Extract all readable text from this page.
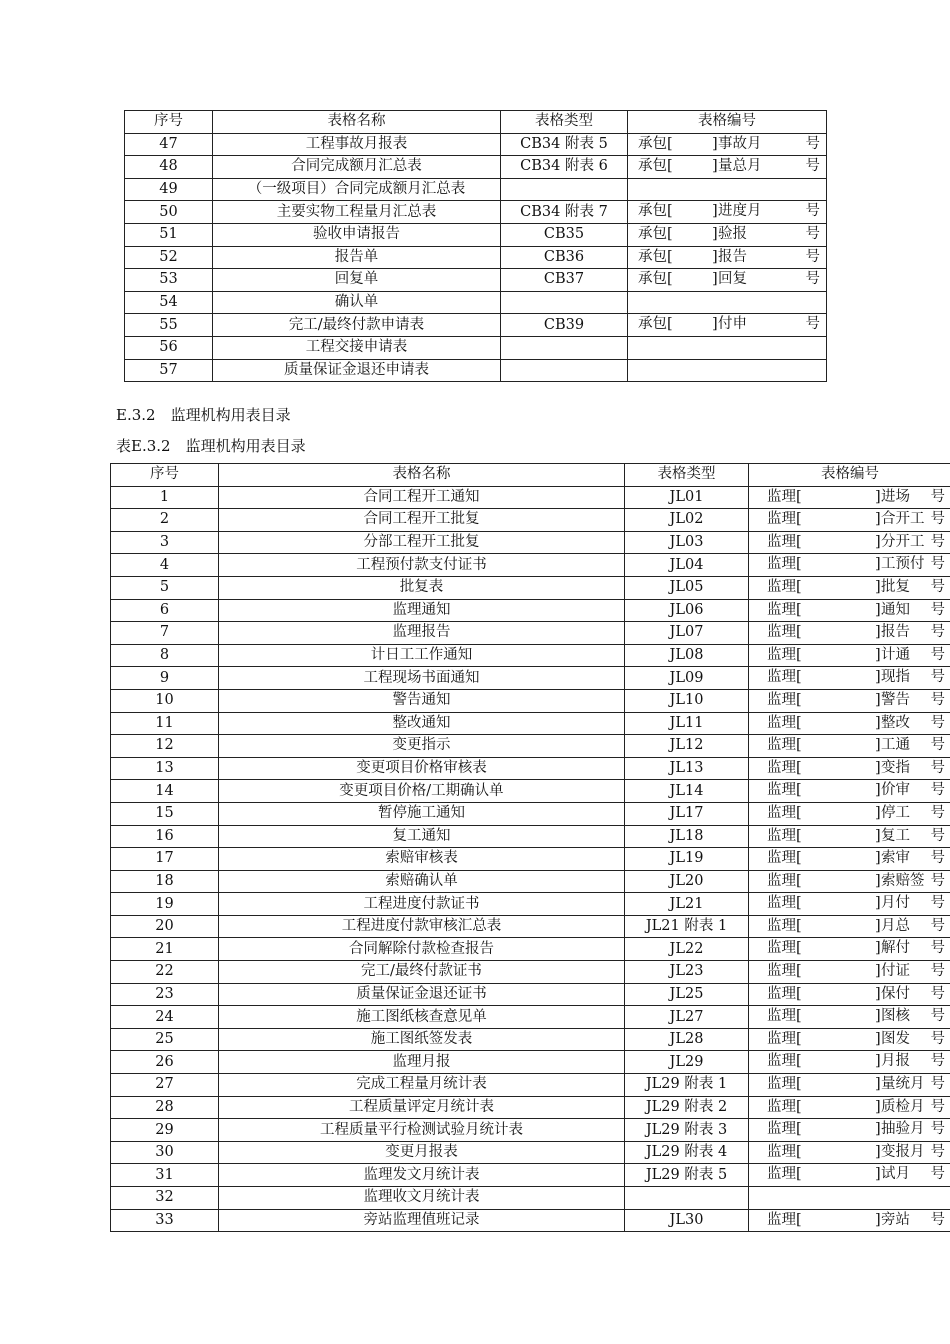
序号	表格名称	表格类型	表格编号
47	工程事故月报表	CB34 附表 5	承包[ ] 事故月 号

48	合同完成额月汇总表	CB34 附表 6	承包[ ] 量总月 号

49	（一级项目）合同完成额月汇总表		

50	主要实物工程量月汇总表	CB34 附表 7	承包[ ] 进度月 号

51	验收申请报告	CB35	承包[ ] 验报 号

52	报告单	CB36	承包[ ] 报告 号

53	回复单	CB37	承包[ ] 回复 号

54	确认单		

55	完工/最终付款申请表	CB39	承包[ ] 付申 号

56	工程交接申请表		

57	质量保证金退还申请表		
E.3.2　监理机构用表目录
表E.3.2　监理机构用表目录
序号	表格名称	表格类型	表格编号
1	合同工程开工通知	JL01	监理[ ] 进场 号

2	合同工程开工批复	JL02	监理[ ] 合开工 号

3	分部工程开工批复	JL03	监理[ ] 分开工 号

4	工程预付款支付证书	JL04	监理[ ] 工预付 号

5	批复表	JL05	监理[ ] 批复 号

6	监理通知	JL06	监理[ ] 通知 号

7	监理报告	JL07	监理[ ] 报告 号

8	计日工工作通知	JL08	监理[ ] 计通 号

9	工程现场书面通知	JL09	监理[ ] 现指 号

10	警告通知	JL10	监理[ ] 警告 号

11	整改通知	JL11	监理[ ] 整改 号

12	变更指示	JL12	监理[ ] 工通 号

13	变更项目价格审核表	JL13	监理[ ] 变指 号

14	变更项目价格/工期确认单	JL14	监理[ ] 价审 号

15	暂停施工通知	JL17	监理[ ] 停工 号

16	复工通知	JL18	监理[ ] 复工 号

17	索赔审核表	JL19	监理[ ] 索审 号

18	索赔确认单	JL20	监理[ ] 索赔签 号

19	工程进度付款证书	JL21	监理[ ] 月付 号

20	工程进度付款审核汇总表	JL21 附表 1	监理[ ] 月总 号

21	合同解除付款检查报告	JL22	监理[ ] 解付 号

22	完工/最终付款证书	JL23	监理[ ] 付证 号

23	质量保证金退还证书	JL25	监理[ ] 保付 号

24	施工图纸核查意见单	JL27	监理[ ] 图核 号

25	施工图纸签发表	JL28	监理[ ] 图发 号

26	监理月报	JL29	监理[ ] 月报 号

27	完成工程量月统计表	JL29 附表 1	监理[ ] 量统月 号

28	工程质量评定月统计表	JL29 附表 2	监理[ ] 质检月 号

29	工程质量平行检测试验月统计表	JL29 附表 3	监理[ ] 抽验月 号

30	变更月报表	JL29 附表 4	监理[ ] 变报月 号

31	监理发文月统计表	JL29 附表 5	监理[ ] 试月 号

32	监理收文月统计表		

33	旁站监理值班记录	JL30	监理[ ] 旁站 号
